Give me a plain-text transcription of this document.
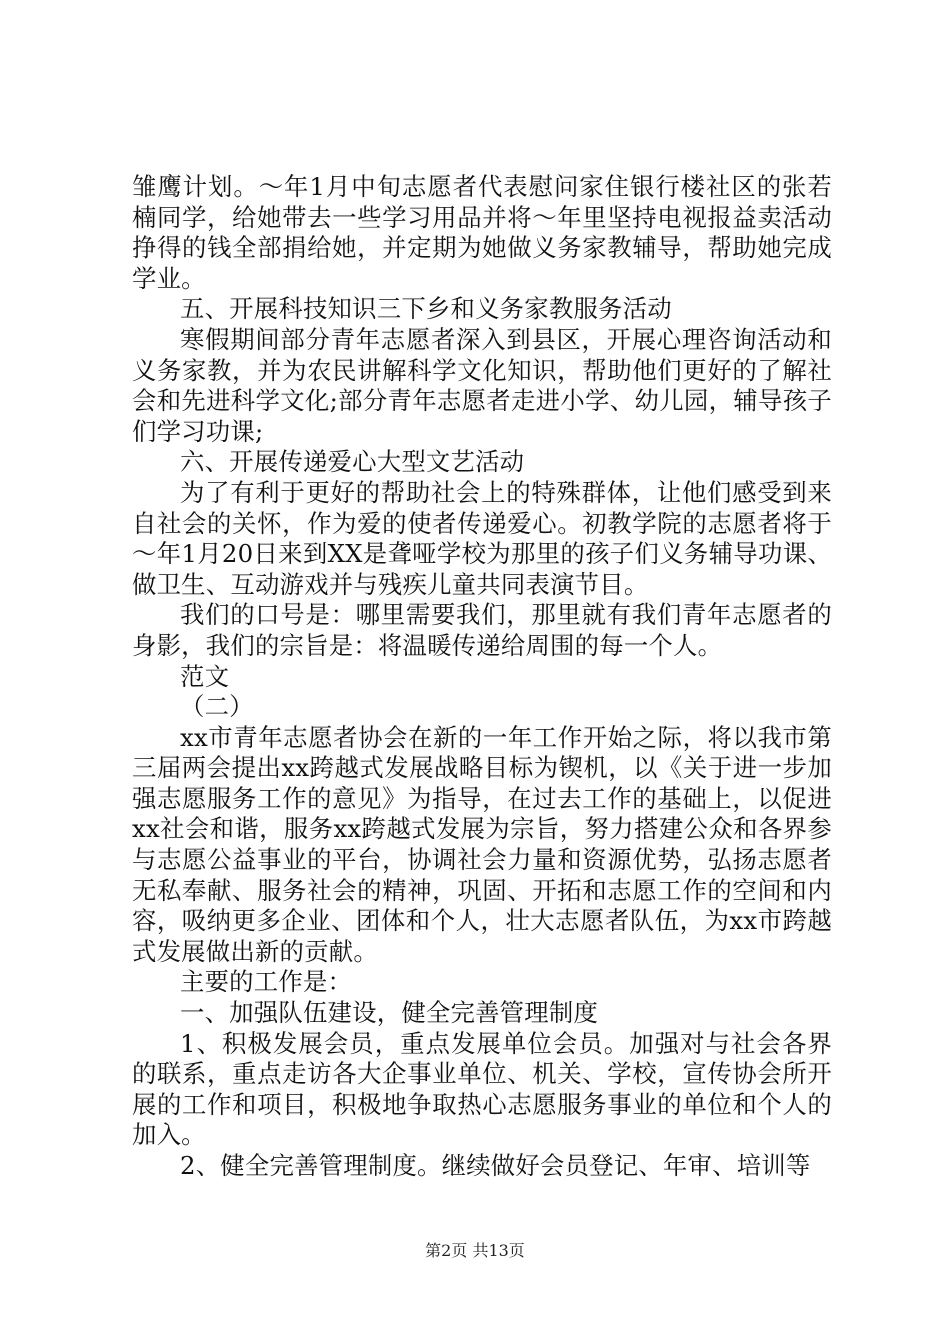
雏鹰计划。～年1月中旬志愿者代表慰问家住银行楼社区的张若楠同学，给她带去一些学习用品并将～年里坚持电视报益卖活动挣得的钱全部捐给她，并定期为她做义务家教辅导，帮助她完成学业。

五、开展科技知识三下乡和义务家教服务活动

寒假期间部分青年志愿者深入到县区，开展心理咨询活动和义务家教，并为农民讲解科学文化知识，帮助他们更好的了解社会和先进科学文化;部分青年志愿者走进小学、幼儿园，辅导孩子们学习功课;

六、开展传递爱心大型文艺活动

为了有利于更好的帮助社会上的特殊群体，让他们感受到来自社会的关怀，作为爱的使者传递爱心。初教学院的志愿者将于～年1月20日来到XX是聋哑学校为那里的孩子们义务辅导功课、做卫生、互动游戏并与残疾儿童共同表演节目。

我们的口号是：哪里需要我们，那里就有我们青年志愿者的身影，我们的宗旨是：将温暖传递给周围的每一个人。

范文

（二）

xx市青年志愿者协会在新的一年工作开始之际，将以我市第三届两会提出xx跨越式发展战略目标为锲机，以《关于进一步加强志愿服务工作的意见》为指导，在过去工作的基础上，以促进xx社会和谐，服务xx跨越式发展为宗旨，努力搭建公众和各界参与志愿公益事业的平台，协调社会力量和资源优势，弘扬志愿者无私奉献、服务社会的精神，巩固、开拓和志愿工作的空间和内容，吸纳更多企业、团体和个人，壮大志愿者队伍，为xx市跨越式发展做出新的贡献。

主要的工作是：

一、加强队伍建设，健全完善管理制度

1、积极发展会员，重点发展单位会员。加强对与社会各界的联系，重点走访各大企事业单位、机关、学校，宣传协会所开展的工作和项目，积极地争取热心志愿服务事业的单位和个人的加入。

2、健全完善管理制度。继续做好会员登记、年审、培训等

第2页 共13页
